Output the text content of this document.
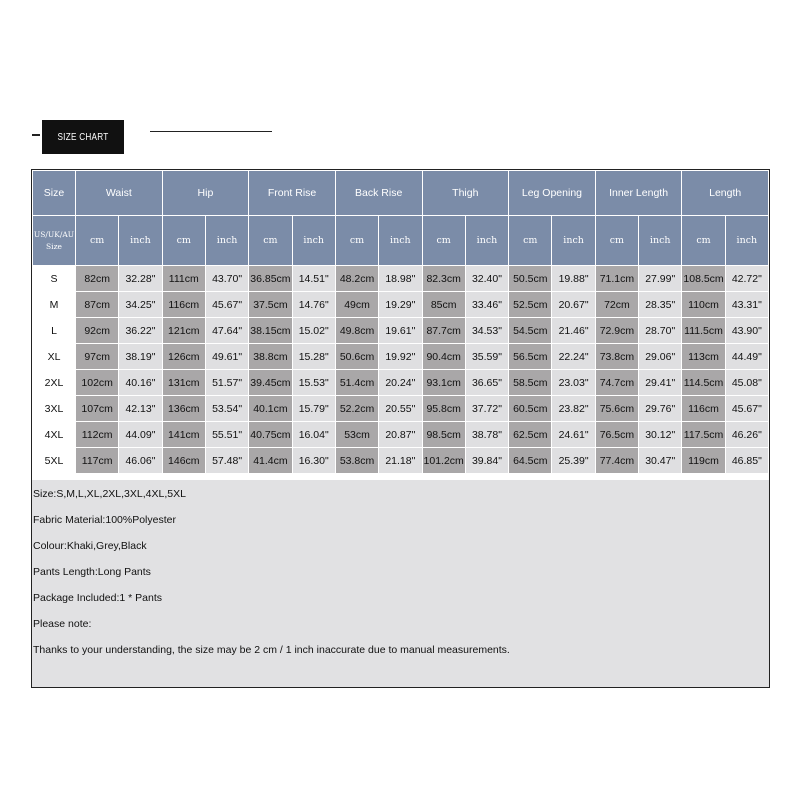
SIZE CHART
Size	Waist		Hip		Front Rise		Back Rise		Thigh		Leg Opening		Inner Length		Length	
US/UK/AU Size	cm	inch	cm	inch	cm	inch	cm	inch	cm	inch	cm	inch	cm	inch	cm	inch
S	82cm	32.28"	111cm	43.70"	36.85cm	14.51"	48.2cm	18.98"	82.3cm	32.40"	50.5cm	19.88"	71.1cm	27.99"	108.5cm	42.72"
M	87cm	34.25"	116cm	45.67"	37.5cm	14.76"	49cm	19.29"	85cm	33.46"	52.5cm	20.67"	72cm	28.35"	110cm	43.31"
L	92cm	36.22"	121cm	47.64"	38.15cm	15.02"	49.8cm	19.61"	87.7cm	34.53"	54.5cm	21.46"	72.9cm	28.70"	111.5cm	43.90"
XL	97cm	38.19"	126cm	49.61"	38.8cm	15.28"	50.6cm	19.92"	90.4cm	35.59"	56.5cm	22.24"	73.8cm	29.06"	113cm	44.49"
2XL	102cm	40.16"	131cm	51.57"	39.45cm	15.53"	51.4cm	20.24"	93.1cm	36.65"	58.5cm	23.03"	74.7cm	29.41"	114.5cm	45.08"
3XL	107cm	42.13"	136cm	53.54"	40.1cm	15.79"	52.2cm	20.55"	95.8cm	37.72"	60.5cm	23.82"	75.6cm	29.76"	116cm	45.67"
4XL	112cm	44.09"	141cm	55.51"	40.75cm	16.04"	53cm	20.87"	98.5cm	38.78"	62.5cm	24.61"	76.5cm	30.12"	117.5cm	46.26"
5XL	117cm	46.06"	146cm	57.48"	41.4cm	16.30"	53.8cm	21.18"	101.2cm	39.84"	64.5cm	25.39"	77.4cm	30.47"	119cm	46.85"
Size:S,M,L,XL,2XL,3XL,4XL,5XL
Fabric Material:100%Polyester
Colour:Khaki,Grey,Black
Pants Length:Long Pants
Package Included:1 * Pants
Please note:
Thanks to your understanding, the size may be 2 cm / 1 inch inaccurate due to manual measurements.
